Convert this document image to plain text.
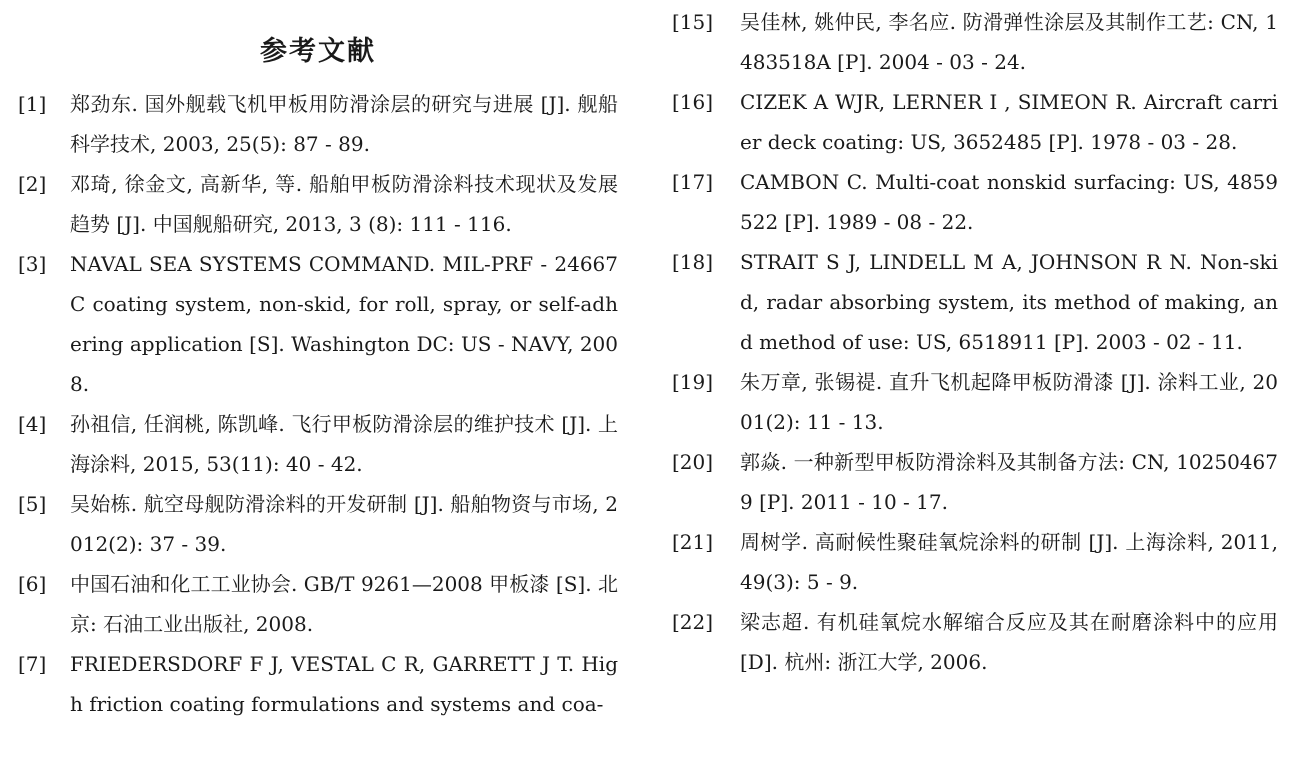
参考文献
[1]	郑劲东. 国外舰载飞机甲板用防滑涂层的研究与进展 [J]. 舰船科学技术, 2003, 25(5): 87 - 89.
[2]	邓琦, 徐金文, 高新华, 等. 船舶甲板防滑涂料技术现状及发展趋势 [J]. 中国舰船研究, 2013, 3 (8): 111 - 116.
[3]	NAVAL SEA SYSTEMS COMMAND. MIL-PRF - 24667C coating system, non-skid, for roll, spray, or self-adhering application [S]. Washington DC: US - NAVY, 2008.
[4]	孙祖信, 任润桃, 陈凯峰. 飞行甲板防滑涂层的维护技术 [J]. 上海涂料, 2015, 53(11): 40 - 42.
[5]	吴始栋. 航空母舰防滑涂料的开发研制 [J]. 船舶物资与市场, 2012(2): 37 - 39.
[6]	中国石油和化工工业协会. GB/T 9261—2008 甲板漆 [S]. 北京: 石油工业出版社, 2008.
[7]	FRIEDERSDORF F J, VESTAL C R, GARRETT J T. High friction coating formulations and systems and coa-
[15]	吴佳林, 姚仲民, 李名应. 防滑弹性涂层及其制作工艺: CN, 1483518A [P]. 2004 - 03 - 24.
[16]	CIZEK A WJR, LERNER I , SIMEON R. Aircraft carrier deck coating: US, 3652485 [P]. 1978 - 03 - 28.
[17]	CAMBON C. Multi-coat nonskid surfacing: US, 4859522 [P]. 1989 - 08 - 22.
[18]	STRAIT S J, LINDELL M A, JOHNSON R N. Non-skid, radar absorbing system, its method of making, and method of use: US, 6518911 [P]. 2003 - 02 - 11.
[19]	朱万章, 张锡禔. 直升飞机起降甲板防滑漆 [J]. 涂料工业, 2001(2): 11 - 13.
[20]	郭焱. 一种新型甲板防滑涂料及其制备方法: CN, 102504679 [P]. 2011 - 10 - 17.
[21]	周树学. 高耐候性聚硅氧烷涂料的研制 [J]. 上海涂料, 2011, 49(3): 5 - 9.
[22]	梁志超. 有机硅氧烷水解缩合反应及其在耐磨涂料中的应用 [D]. 杭州: 浙江大学, 2006.
